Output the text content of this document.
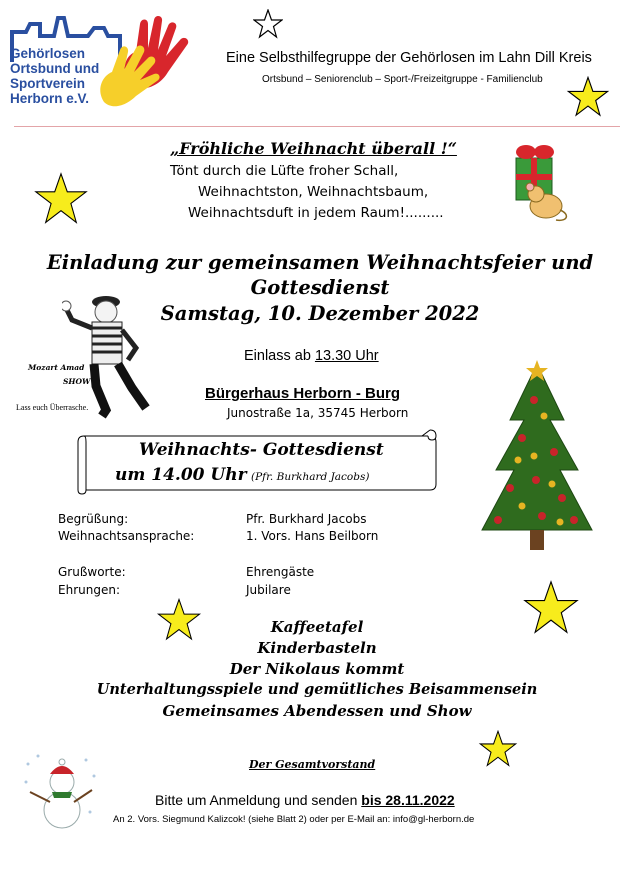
Gehörlosen
Ortsbund und
Sportverein
Herborn e.V.
Eine Selbsthilfegruppe der Gehörlosen im Lahn Dill Kreis
Ortsbund – Seniorenclub – Sport-/Freizeitgruppe - Familienclub
„Fröhliche Weihnacht überall !“
Tönt durch die Lüfte froher Schall,
Weihnachtston, Weihnachtsbaum,
Weihnachtsduft in jedem Raum!.........
Einladung zur gemeinsamen Weihnachtsfeier und
Gottesdienst
Samstag, 10. Dezember 2022
Mozart Amad
SHOW
Lass euch Überrasche.
Einlass ab 13.30 Uhr
Bürgerhaus Herborn - Burg
Junostraße 1a, 35745 Herborn
Weihnachts- Gottesdienst
um 14.00 Uhr (Pfr. Burkhard Jacobs)
Begrüßung:	Pfr. Burkhard Jacobs
Weihnachtsansprache:	1. Vors. Hans Beilborn
Grußworte:	Ehrengäste
Ehrungen:	Jubilare
Kaffeetafel
Kinderbasteln
Der Nikolaus kommt
Unterhaltungsspiele und gemütliches Beisammensein
Gemeinsames Abendessen und Show
Der Gesamtvorstand
Bitte um Anmeldung und senden bis 28.11.2022
An 2. Vors. Siegmund Kalizcok! (siehe Blatt 2) oder per E-Mail an: info@gl-herborn.de
